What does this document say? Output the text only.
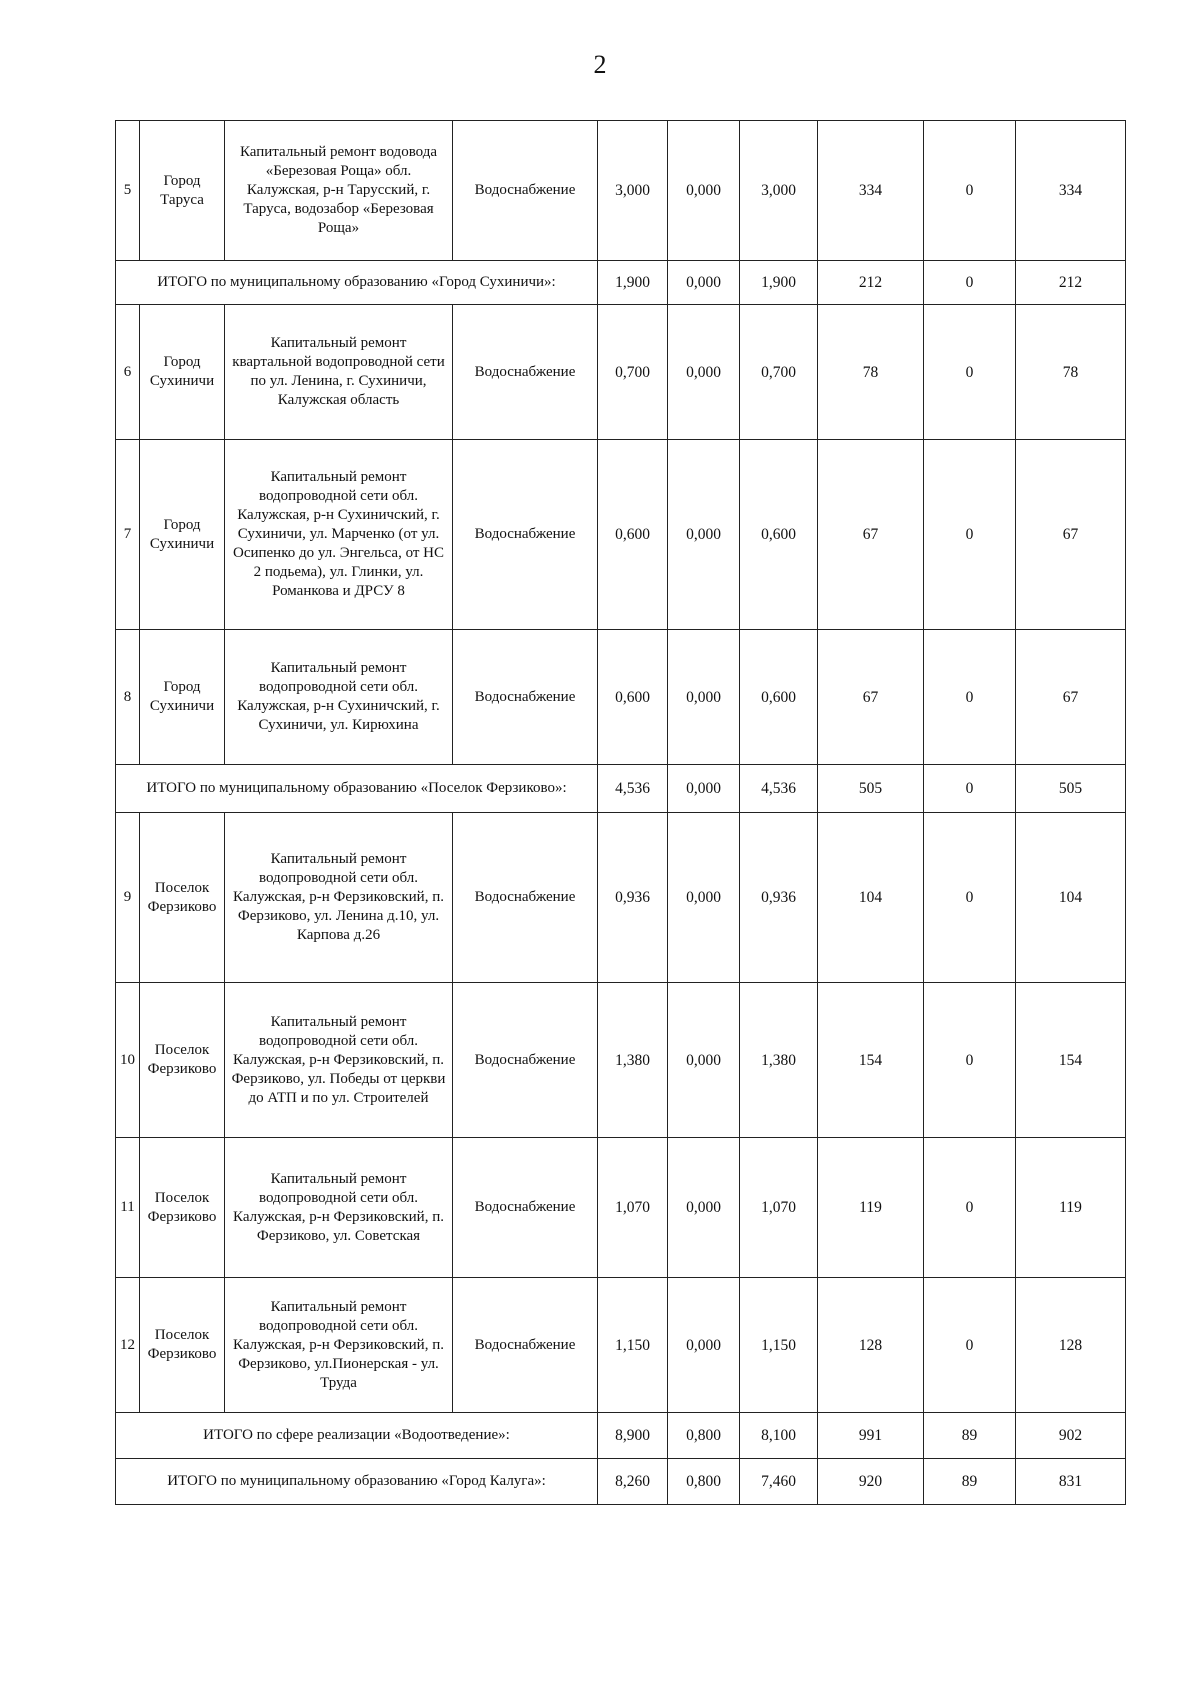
2
5	Город Таруса	Капитальный ремонт водовода «Березовая Роща» обл. Калужская, р-н Тарусский, г. Таруса, водозабор «Березовая Роща»	Водоснабжение	3,000	0,000	3,000	334	0	334
ИТОГО по муниципальному образованию «Город Сухиничи»:				1,900	0,000	1,900	212	0	212
6	Город Сухиничи	Капитальный ремонт квартальной водопроводной сети по ул. Ленина, г. Сухиничи, Калужская область	Водоснабжение	0,700	0,000	0,700	78	0	78
7	Город Сухиничи	Капитальный ремонт водопроводной сети обл. Калужская, р-н Сухиничский, г. Сухиничи, ул. Марченко (от ул. Осипенко до ул. Энгельса, от НС 2 подьема), ул. Глинки, ул. Романкова и ДРСУ 8	Водоснабжение	0,600	0,000	0,600	67	0	67
8	Город Сухиничи	Капитальный ремонт водопроводной сети обл. Калужская, р-н Сухиничский, г. Сухиничи, ул. Кирюхина	Водоснабжение	0,600	0,000	0,600	67	0	67
ИТОГО по муниципальному образованию «Поселок Ферзиково»:				4,536	0,000	4,536	505	0	505
9	Поселок Ферзиково	Капитальный ремонт водопроводной сети обл. Калужская, р-н Ферзиковский, п. Ферзиково, ул. Ленина д.10, ул. Карпова д.26	Водоснабжение	0,936	0,000	0,936	104	0	104
10	Поселок Ферзиково	Капитальный ремонт водопроводной сети обл. Калужская, р-н Ферзиковский, п. Ферзиково, ул. Победы от церкви до АТП и по ул. Строителей	Водоснабжение	1,380	0,000	1,380	154	0	154
11	Поселок Ферзиково	Капитальный ремонт водопроводной сети обл. Калужская, р-н Ферзиковский, п. Ферзиково, ул. Советская	Водоснабжение	1,070	0,000	1,070	119	0	119
12	Поселок Ферзиково	Капитальный ремонт водопроводной сети обл. Калужская, р-н Ферзиковский, п. Ферзиково, ул.Пионерская - ул. Труда	Водоснабжение	1,150	0,000	1,150	128	0	128
ИТОГО по сфере реализации «Водоотведение»:				8,900	0,800	8,100	991	89	902
ИТОГО по муниципальному образованию «Город Калуга»:				8,260	0,800	7,460	920	89	831
